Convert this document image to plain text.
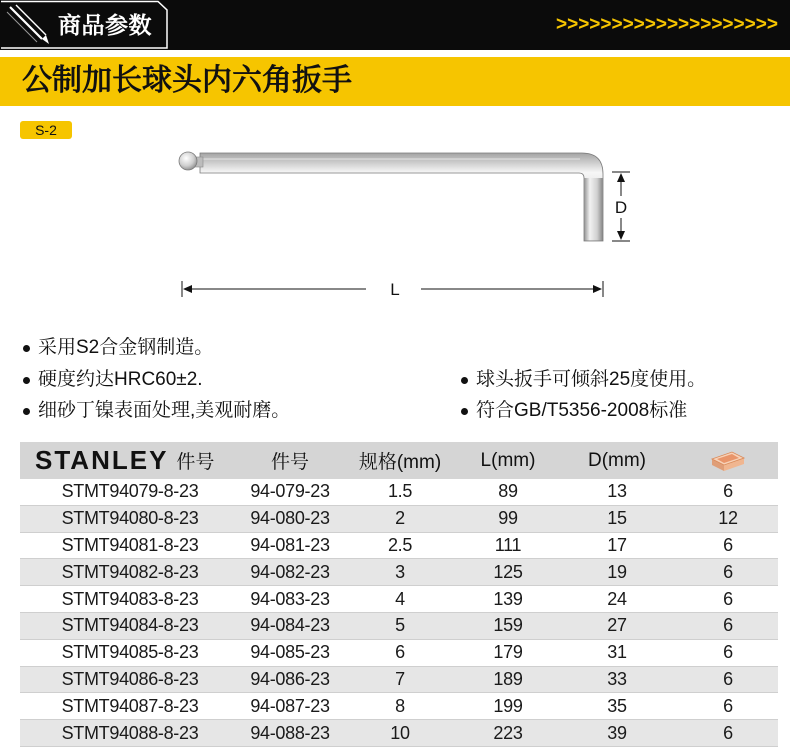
商品参数	>>>>>>>>>>>>>>>>>>>>
公制加长球头内六角扳手
S-2
D
L
采用S2合金钢制造。
硬度约达HRC60±2.
细砂丁镍表面处理,美观耐磨。
球头扳手可倾斜25度使用。
符合GB/T5356-2008标准
STANLEY 件号	件号	规格(mm)	L(mm)	D(mm)
STMT94079-8-23	94-079-23	1.5	89	13	6
STMT94080-8-23	94-080-23	2	99	15	12
STMT94081-8-23	94-081-23	2.5	111	17	6
STMT94082-8-23	94-082-23	3	125	19	6
STMT94083-8-23	94-083-23	4	139	24	6
STMT94084-8-23	94-084-23	5	159	27	6
STMT94085-8-23	94-085-23	6	179	31	6
STMT94086-8-23	94-086-23	7	189	33	6
STMT94087-8-23	94-087-23	8	199	35	6
STMT94088-8-23	94-088-23	10	223	39	6
